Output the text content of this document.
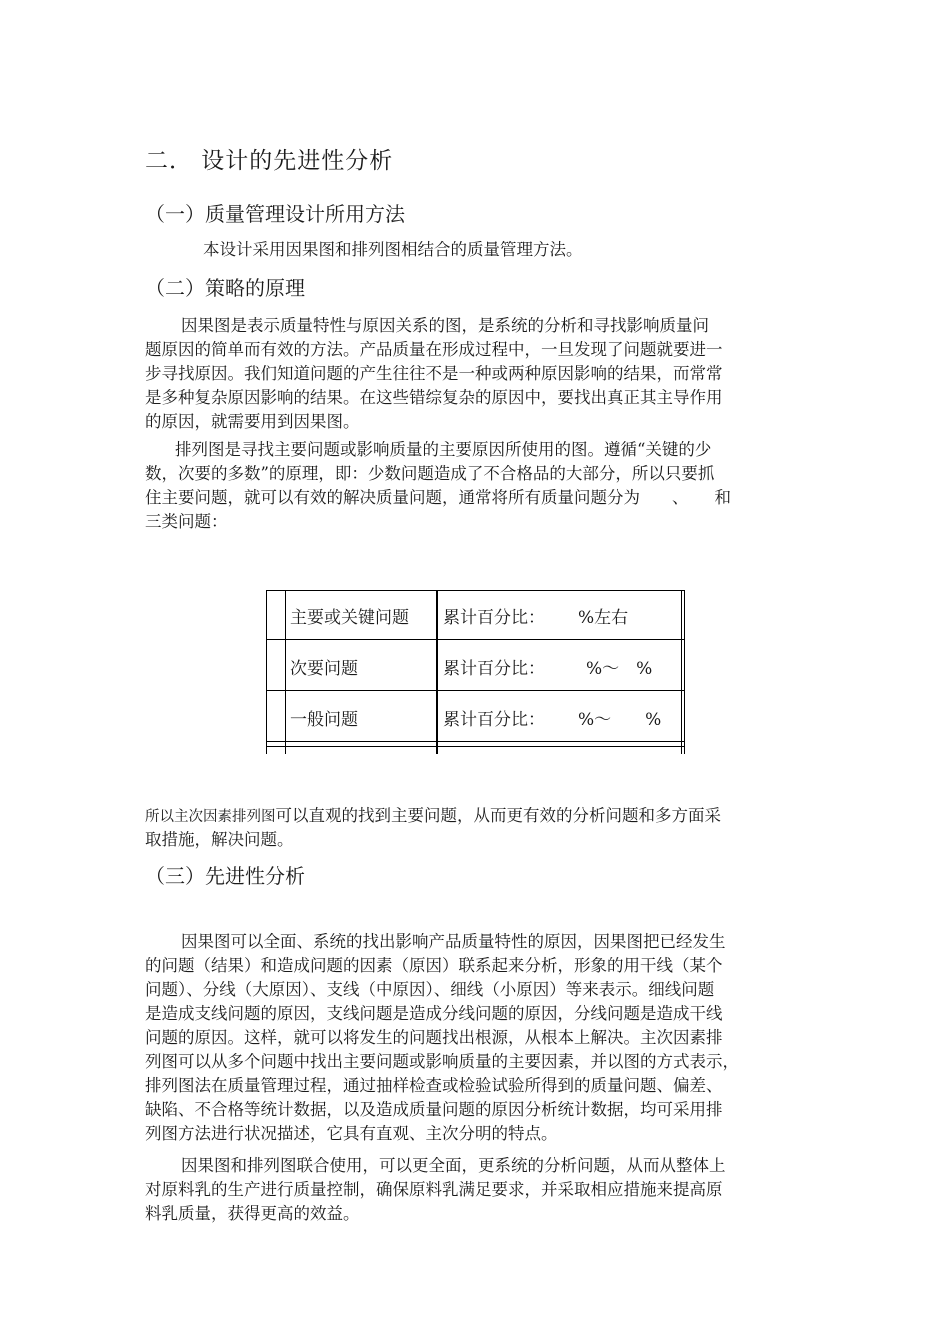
二． 设计的先进性分析
（一）质量管理设计所用方法
本设计采用因果图和排列图相结合的质量管理方法。
（二）策略的原理
因果图是表示质量特性与原因关系的图，是系统的分析和寻找影响质量问
题原因的简单而有效的方法。产品质量在形成过程中，一旦发现了问题就要进一
步寻找原因。我们知道问题的产生往往不是一种或两种原因影响的结果，而常常
是多种复杂原因影响的结果。在这些错综复杂的原因中，要找出真正其主导作用
的原因，就需要用到因果图。
排列图是寻找主要问题或影响质量的主要原因所使用的图。遵循“关键的少
数，次要的多数”的原理，即：少数问题造成了不合格品的大部分，所以只要抓
住主要问题，就可以有效的解决质量问题，通常将所有质量问题分为 、 和
三类问题：
主要或关键问题 累计百分比： %左右
次要问题	累计百分比： %～　%
一般问题	累计百分比： %～　　%
所以主次因素排列图可以直观的找到主要问题，从而更有效的分析问题和多方面采
取措施，解决问题。
（三）先进性分析
因果图可以全面、系统的找出影响产品质量特性的原因，因果图把已经发生
的问题（结果）和造成问题的因素（原因）联系起来分析，形象的用干线（某个
问题）、分线（大原因）、支线（中原因）、细线（小原因）等来表示。细线问题
是造成支线问题的原因，支线问题是造成分线问题的原因，分线问题是造成干线
问题的原因。这样，就可以将发生的问题找出根源，从根本上解决。主次因素排
列图可以从多个问题中找出主要问题或影响质量的主要因素，并以图的方式表示，
排列图法在质量管理过程，通过抽样检查或检验试验所得到的质量问题、偏差、
缺陷、不合格等统计数据，以及造成质量问题的原因分析统计数据，均可采用排
列图方法进行状况描述，它具有直观、主次分明的特点。
因果图和排列图联合使用，可以更全面，更系统的分析问题，从而从整体上
对原料乳的生产进行质量控制，确保原料乳满足要求，并采取相应措施来提高原
料乳质量，获得更高的效益。
